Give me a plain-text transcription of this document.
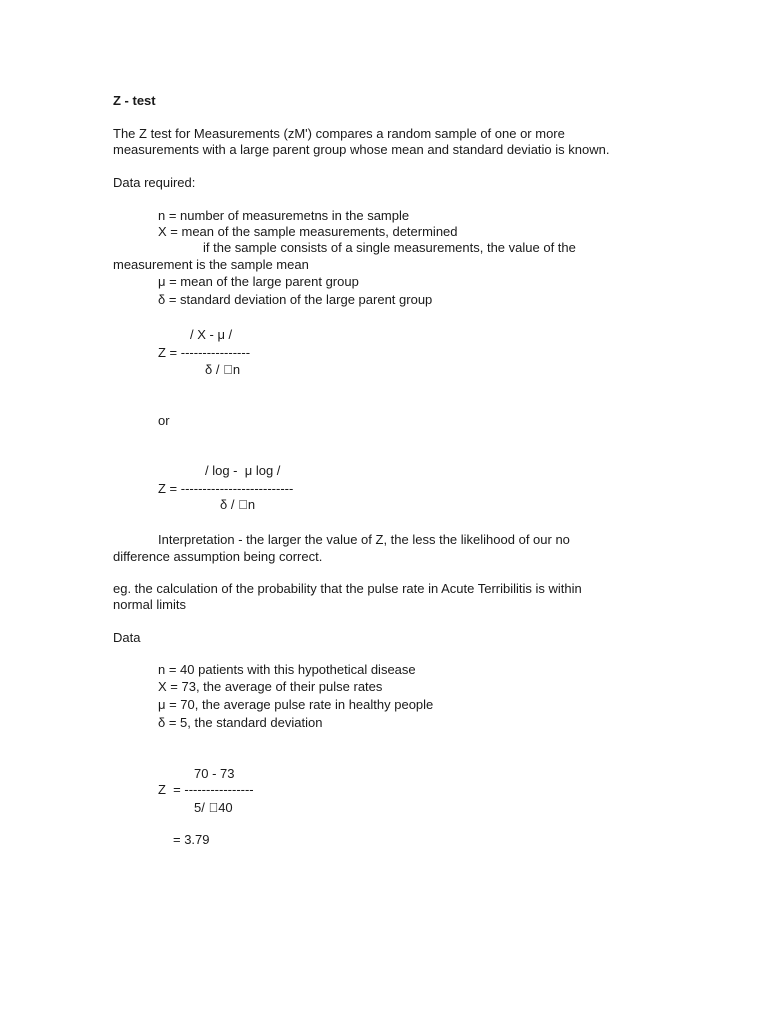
Z - test
The Z test for Measurements (zM') compares a random sample of one or more
measurements with a large parent group whose mean and standard deviatio is known.
Data required:
n = number of measuremetns in the sample
X = mean of the sample measurements, determined
if the sample consists of a single measurements, the value of the
measurement is the sample mean
μ = mean of the large parent group
δ = standard deviation of the large parent group
/ X - μ /
Z = ----------------
δ /  n
or
/ log -  μ log /
Z = --------------------------
δ /  n
Interpretation - the larger the value of Z, the less the likelihood of our no
difference assumption being correct.
eg. the calculation of the probability that the pulse rate in Acute Terribilitis is within
normal limits
Data
n = 40 patients with this hypothetical disease
X = 73, the average of their pulse rates
μ = 70, the average pulse rate in healthy people
δ = 5, the standard deviation
70 - 73
Z  = ----------------
5/  40
= 3.79
